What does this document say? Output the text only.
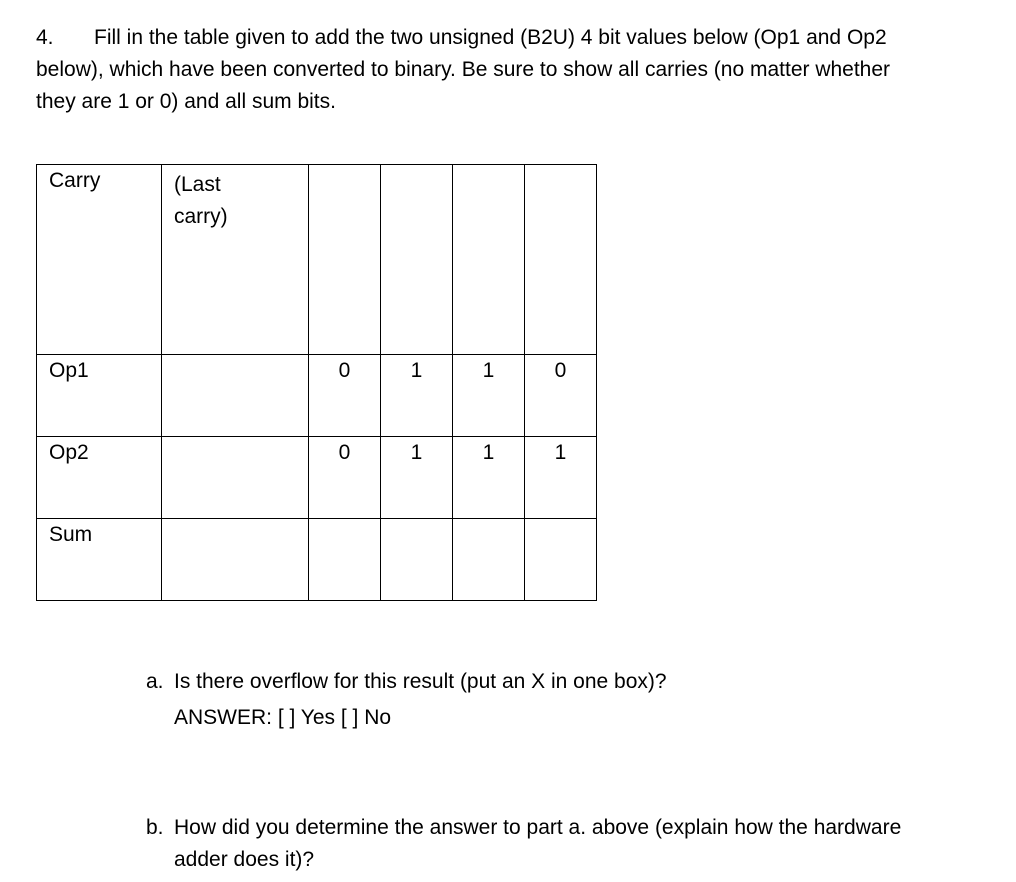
4. Fill in the table given to add the two unsigned (B2U) 4 bit values below (Op1 and Op2
below), which have been converted to binary. Be sure to show all carries (no matter whether
they are 1 or 0) and all sum bits.
Carry	(Last
carry)				

Op1		0	1	1	0
Op2		0	1	1	1
Sum					

a. Is there overflow for this result (put an X in one box)?

ANSWER: [ ] Yes [ ] No

b. How did you determine the answer to part a. above (explain how the hardware
adder does it)?
